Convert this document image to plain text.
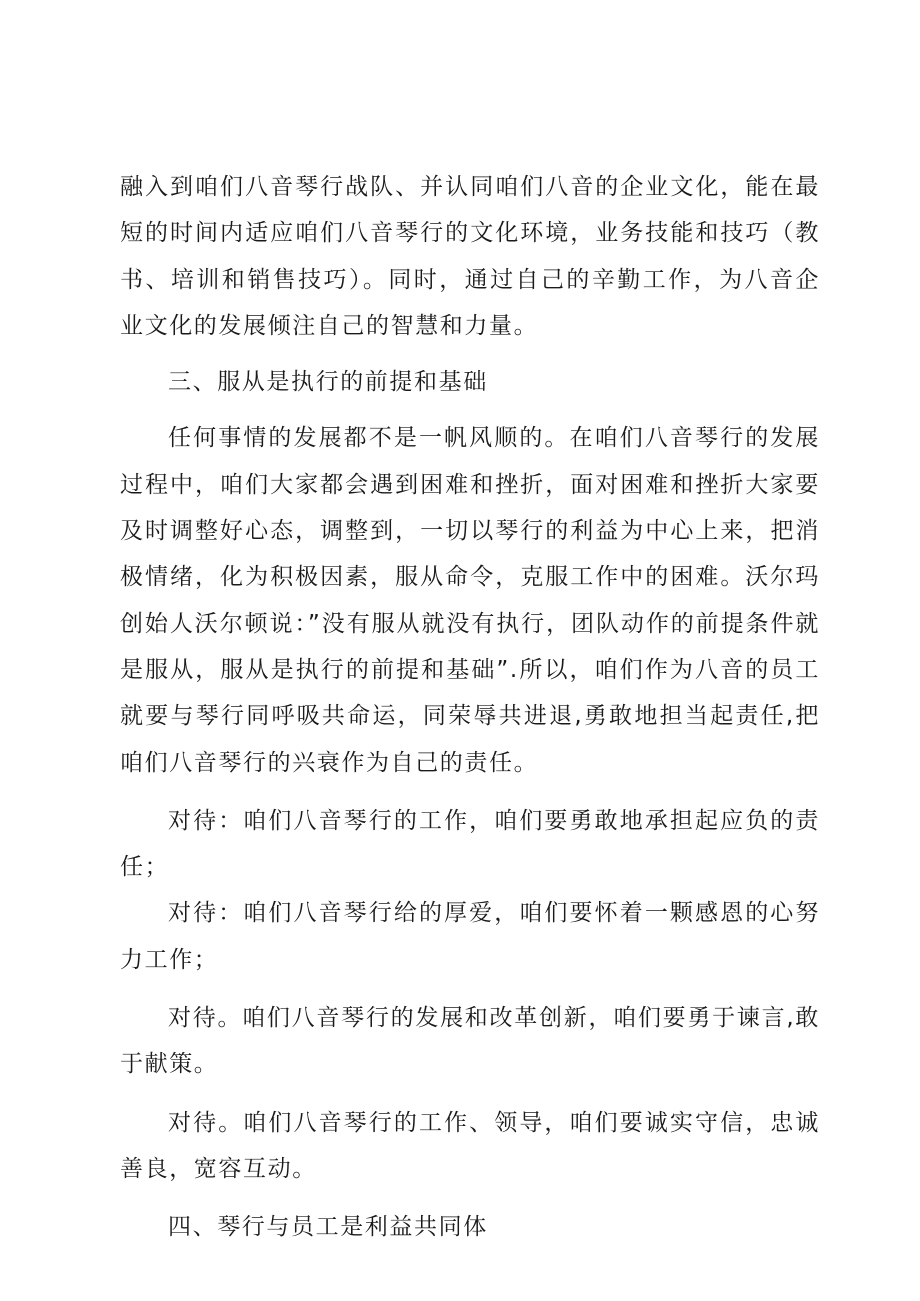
融入到咱们八音琴行战队、并认同咱们八音的企业文化，能在最短的时间内适应咱们八音琴行的文化环境，业务技能和技巧（教书、培训和销售技巧）。同时，通过自己的辛勤工作，为八音企业文化的发展倾注自己的智慧和力量。

三、服从是执行的前提和基础

任何事情的发展都不是一帆风顺的。在咱们八音琴行的发展过程中，咱们大家都会遇到困难和挫折，面对困难和挫折大家要及时调整好心态，调整到，一切以琴行的利益为中心上来，把消极情绪，化为积极因素，服从命令，克服工作中的困难。沃尔玛创始人沃尔顿说：”没有服从就没有执行，团队动作的前提条件就是服从，服从是执行的前提和基础”.所以，咱们作为八音的员工就要与琴行同呼吸共命运，同荣辱共进退,勇敢地担当起责任,把咱们八音琴行的兴衰作为自己的责任。

对待：咱们八音琴行的工作，咱们要勇敢地承担起应负的责任；

对待：咱们八音琴行给的厚爱，咱们要怀着一颗感恩的心努力工作；

对待。咱们八音琴行的发展和改革创新，咱们要勇于谏言,敢于献策。

对待。咱们八音琴行的工作、领导，咱们要诚实守信，忠诚善良，宽容互动。

四、琴行与员工是利益共同体
